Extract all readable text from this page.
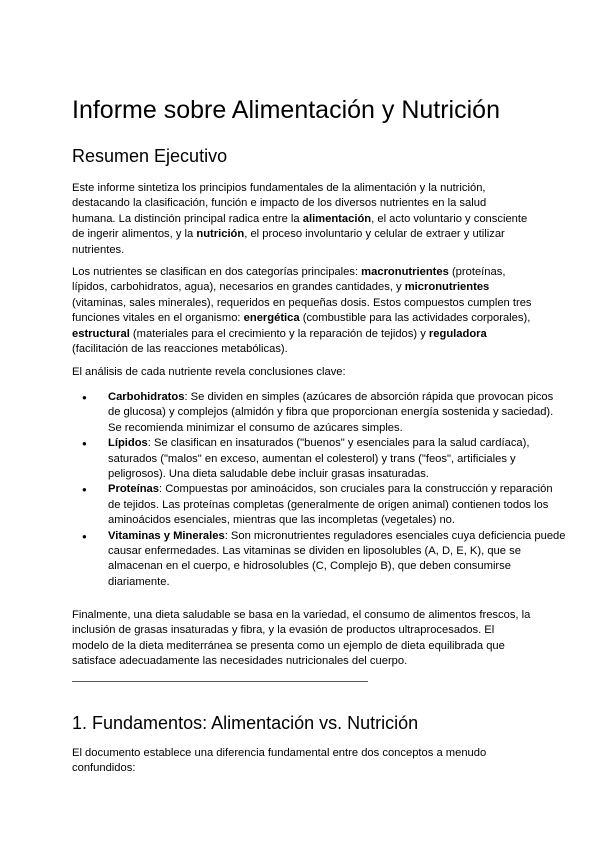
Informe sobre Alimentación y Nutrición
Resumen Ejecutivo

Este informe sintetiza los principios fundamentales de la alimentación y la nutrición, destacando la clasificación, función e impacto de los diversos nutrientes en la salud humana. La distinción principal radica entre la alimentación, el acto voluntario y consciente de ingerir alimentos, y la nutrición, el proceso involuntario y celular de extraer y utilizar nutrientes.

Los nutrientes se clasifican en dos categorías principales: macronutrientes (proteínas, lípidos, carbohidratos, agua), necesarios en grandes cantidades, y micronutrientes (vitaminas, sales minerales), requeridos en pequeñas dosis. Estos compuestos cumplen tres funciones vitales en el organismo: energética (combustible para las actividades corporales), estructural (materiales para el crecimiento y la reparación de tejidos) y reguladora (facilitación de las reacciones metabólicas).

El análisis de cada nutriente revela conclusiones clave:

● Carbohidratos: Se dividen en simples (azúcares de absorción rápida que provocan picos de glucosa) y complejos (almidón y fibra que proporcionan energía sostenida y saciedad). Se recomienda minimizar el consumo de azúcares simples.
● Lípidos: Se clasifican en insaturados ("buenos" y esenciales para la salud cardíaca), saturados ("malos" en exceso, aumentan el colesterol) y trans ("feos", artificiales y peligrosos). Una dieta saludable debe incluir grasas insaturadas.
● Proteínas: Compuestas por aminoácidos, son cruciales para la construcción y reparación de tejidos. Las proteínas completas (generalmente de origen animal) contienen todos los aminoácidos esenciales, mientras que las incompletas (vegetales) no.
● Vitaminas y Minerales: Son micronutrientes reguladores esenciales cuya deficiencia puede causar enfermedades. Las vitaminas se dividen en liposolubles (A, D, E, K), que se almacenan en el cuerpo, e hidrosolubles (C, Complejo B), que deben consumirse diariamente.

Finalmente, una dieta saludable se basa en la variedad, el consumo de alimentos frescos, la inclusión de grasas insaturadas y fibra, y la evasión de productos ultraprocesados. El modelo de la dieta mediterránea se presenta como un ejemplo de dieta equilibrada que satisface adecuadamente las necesidades nutricionales del cuerpo.

1. Fundamentos: Alimentación vs. Nutrición

El documento establece una diferencia fundamental entre dos conceptos a menudo confundidos:
